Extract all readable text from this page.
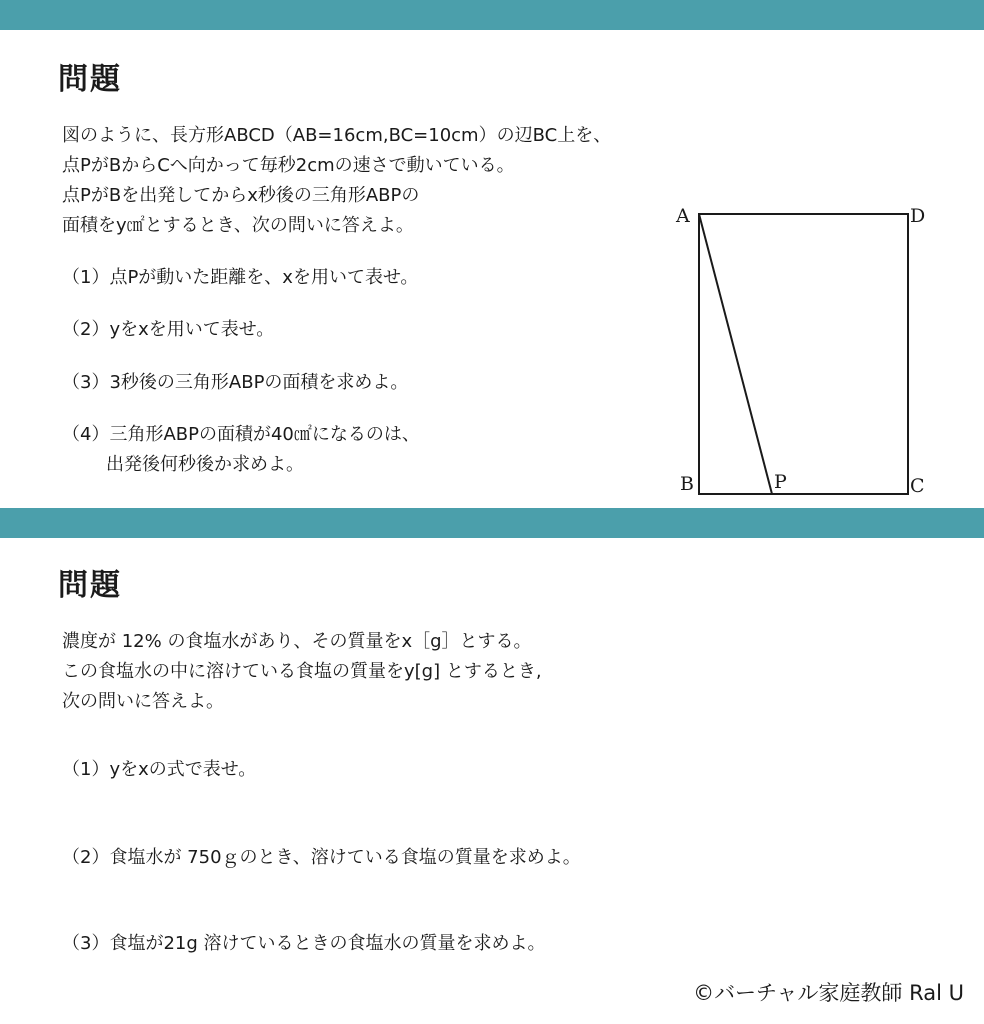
問題
図のように、長方形ABCD（AB=16cm,BC=10cm）の辺BC上を、
点PがBからCへ向かって毎秒2cmの速さで動いている。
点PがBを出発してからx秒後の三角形ABPの
面積をy㎠とするとき、次の問いに答えよ。

（1）点Pが動いた距離を、xを用いて表せ。

（2）yをxを用いて表せ。

（3）3秒後の三角形ABPの面積を求めよ。

（4）三角形ABPの面積が40㎠になるのは、
出発後何秒後か求めよ。
A	D
B	P	C
問題
濃度が 12% の食塩水があり、その質量をx［g］とする。
この食塩水の中に溶けている食塩の質量をy[g] とするとき,
次の問いに答えよ。

（1）yをxの式で表せ。

（2）食塩水が 750ｇのとき、溶けている食塩の質量を求めよ。

（3）食塩が21g 溶けているときの食塩水の質量を求めよ。

©バーチャル家庭教師 Ral U
